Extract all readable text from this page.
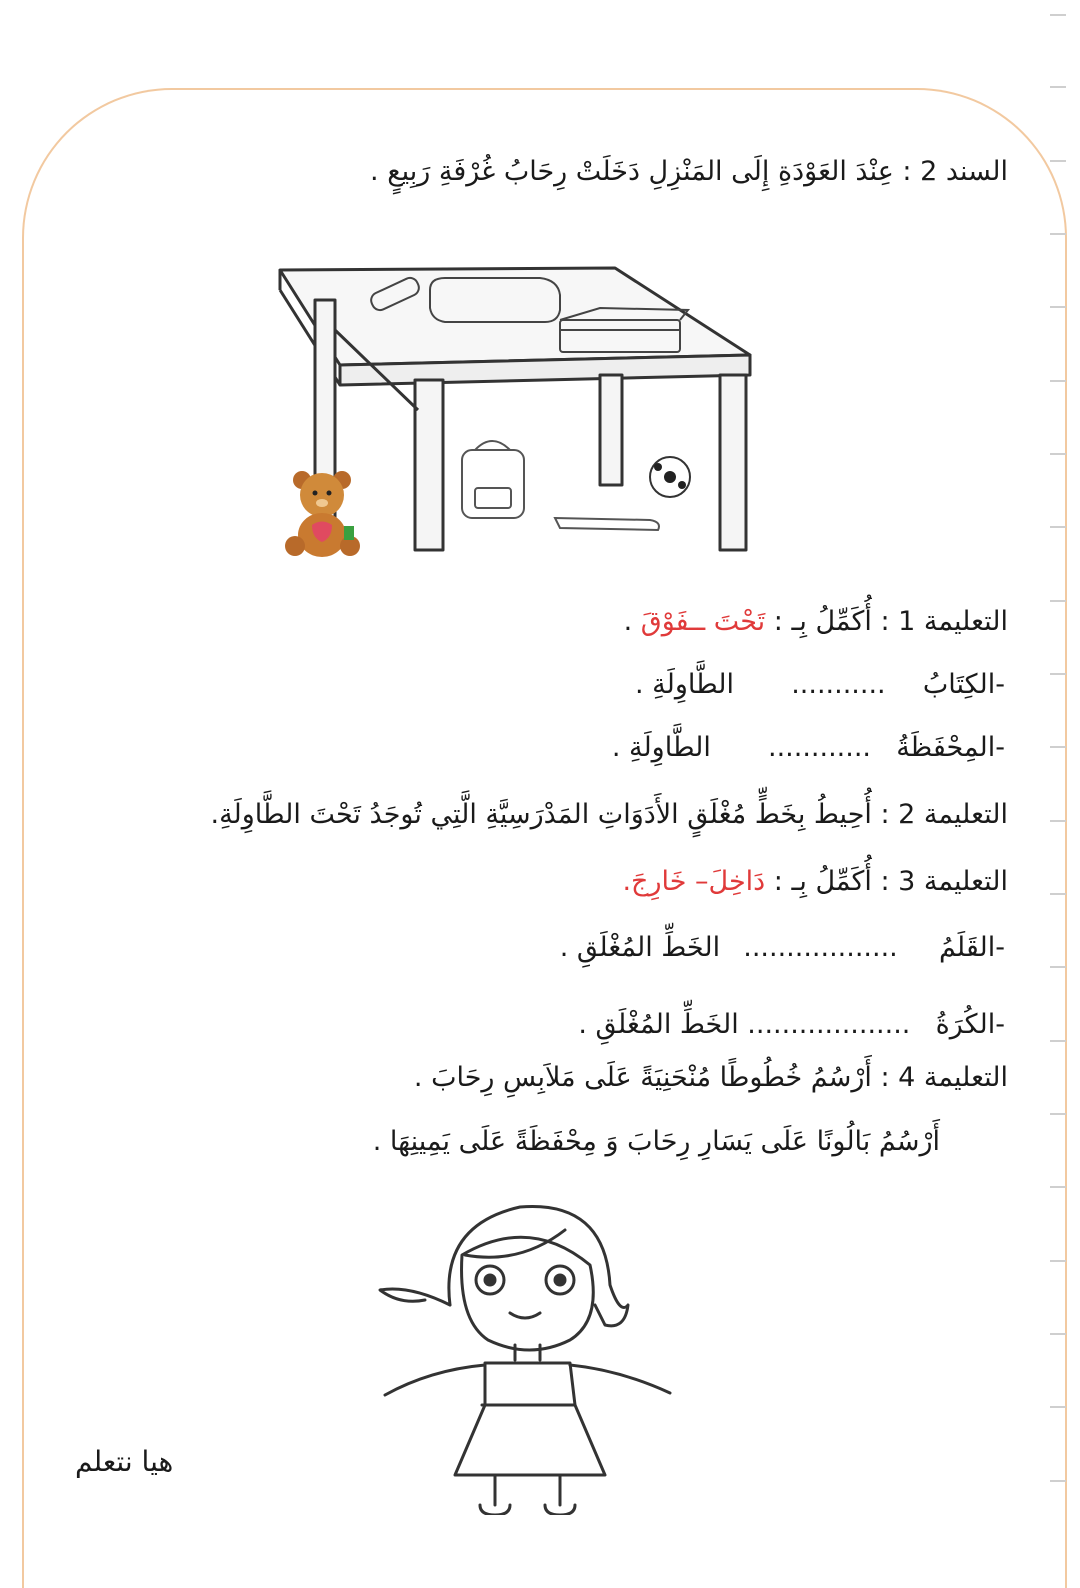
السند 2 : عِنْدَ العَوْدَةِ إِلَى المَنْزِلِ دَخَلَتْ رِحَابُ غُرْفَةِ رَبِيعٍ .
التعليمة 1 : أُكَمِّلُ بِـ : تَحْتَ ــفَوْقَ .
-الكِتَابُ  ...........  الطَّاوِلَةِ .
-المِحْفَظَةُ  ............  الطَّاوِلَةِ .
التعليمة 2 : أُحِيطُ بِخَطٍّ مُغْلَقٍ الأَدَوَاتِ المَدْرَسِيَّةِ الَّتِي تُوجَدُ تَحْتَ الطَّاوِلَةِ.
التعليمة 3 : أُكَمِّلُ بِـ : دَاخِلَ– خَارِجَ.
-القَلَمُ  ..................  الخَطِّ المُغْلَقِ .
-الكُرَةُ  ................... الخَطِّ المُغْلَقِ .
التعليمة 4 : أَرْسُمُ خُطُوطًا مُنْحَنِيَةً عَلَى مَلاَبِسِ رِحَابَ .
أَرْسُمُ بَالُونًا عَلَى يَسَارِ رِحَابَ وَ مِحْفَظَةً عَلَى يَمِينِهَا .
هيا نتعلم
